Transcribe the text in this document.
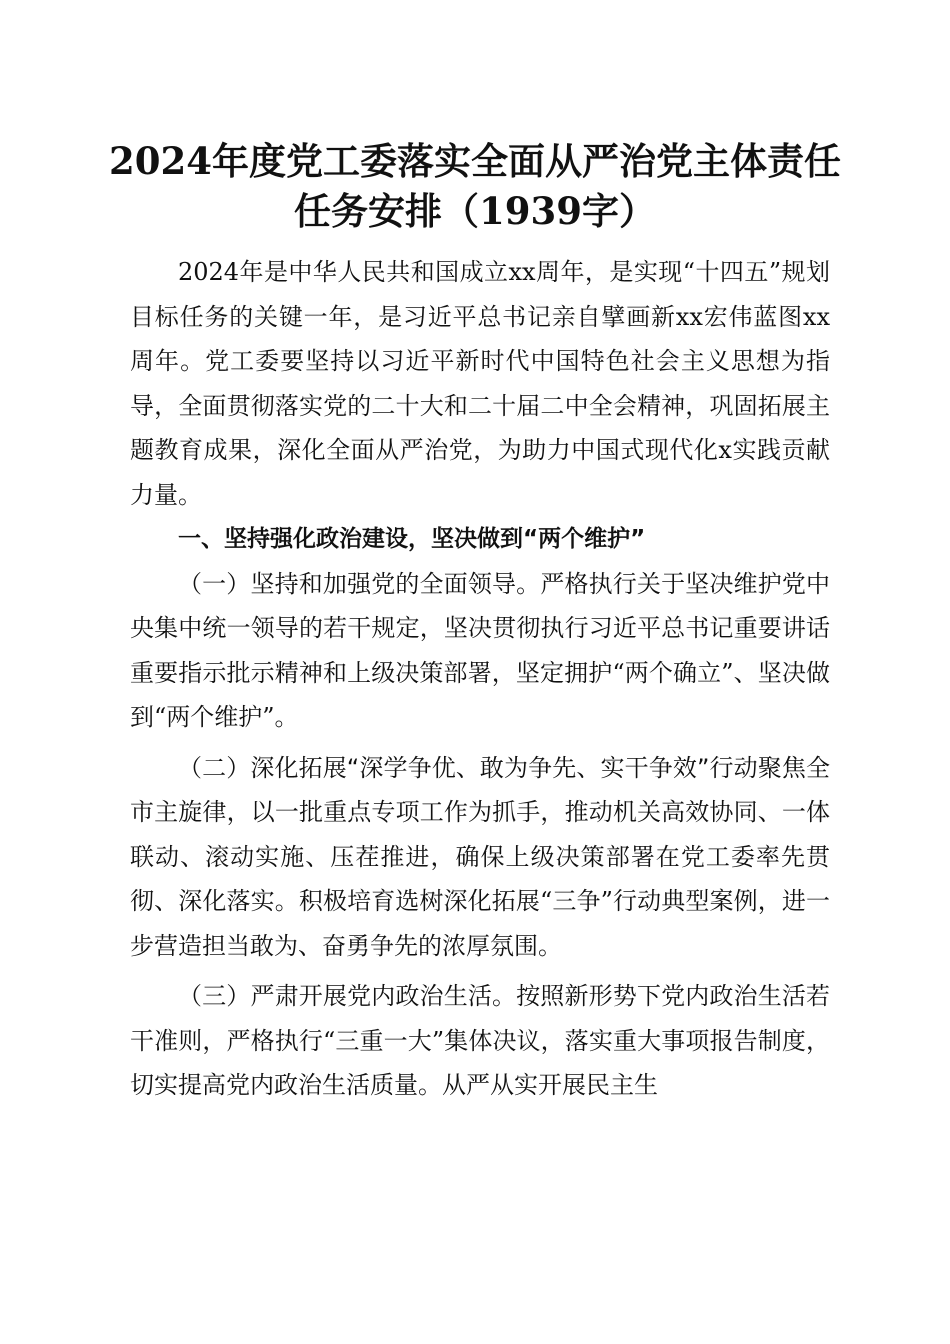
2024年度党工委落实全面从严治党主体责任
任务安排（1939字）

2024年是中华人民共和国成立xx周年，是实现“十四五”规划目标任务的关键一年，是习近平总书记亲自擘画新xx宏伟蓝图xx周年。党工委要坚持以习近平新时代中国特色社会主义思想为指导，全面贯彻落实党的二十大和二十届二中全会精神，巩固拓展主题教育成果，深化全面从严治党，为助力中国式现代化x实践贡献力量。

一、坚持强化政治建设，坚决做到“两个维护”

（一）坚持和加强党的全面领导。严格执行关于坚决维护党中央集中统一领导的若干规定，坚决贯彻执行习近平总书记重要讲话重要指示批示精神和上级决策部署，坚定拥护“两个确立”、坚决做到“两个维护”。

（二）深化拓展“深学争优、敢为争先、实干争效”行动聚焦全市主旋律，以一批重点专项工作为抓手，推动机关高效协同、一体联动、滚动实施、压茬推进，确保上级决策部署在党工委率先贯彻、深化落实。积极培育选树深化拓展“三争”行动典型案例，进一步营造担当敢为、奋勇争先的浓厚氛围。

（三）严肃开展党内政治生活。按照新形势下党内政治生活若干准则，严格执行“三重一大”集体决议，落实重大事项报告制度，切实提高党内政治生活质量。从严从实开展民主生
